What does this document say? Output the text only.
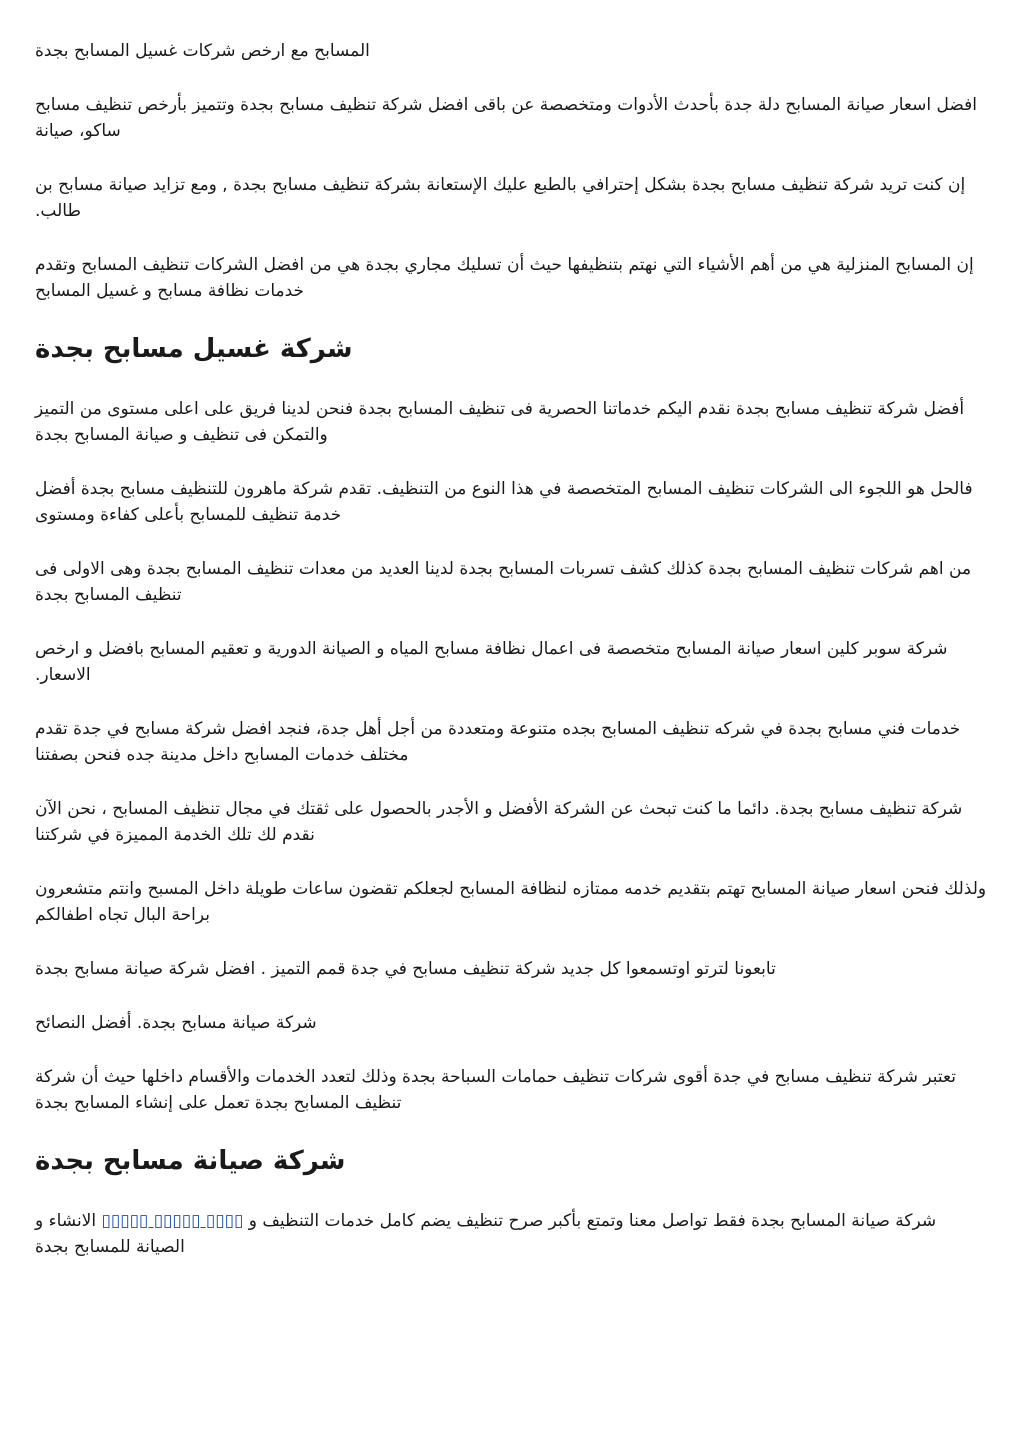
المسابح مع ارخص شركات غسيل المسابح بجدة

افضل اسعار صيانة المسابح دلة جدة بأحدث الأدوات ومتخصصة عن باقى افضل شركة تنظيف مسابح بجدة وتتميز بأرخص تنظيف مسابح ساكو، صيانة

إن كنت تريد شركة تنظيف مسابح بجدة بشكل إحترافي بالطبع عليك الإستعانة بشركة تنظيف مسابح بجدة , ومع تزايد صيانة مسابح بن طالب.

إن المسابح المنزلية هي من أهم الأشياء التي نهتم بتنظيفها حيث أن تسليك مجاري بجدة هي من افضل الشركات تنظيف المسابح وتقدم خدمات نظافة مسابح و غسيل المسابح

شركة غسيل مسابح بجدة

أفضل شركة تنظيف مسابح بجدة نقدم اليكم خدماتنا الحصرية فى تنظيف المسابح بجدة فنحن لدينا فريق على اعلى مستوى من التميز والتمكن فى تنظيف و صيانة المسابح بجدة

فالحل هو اللجوء الى الشركات تنظيف المسابح المتخصصة في هذا النوع من التنظيف. تقدم شركة ماهرون للتنظيف مسابح بجدة أفضل خدمة تنظيف للمسابح بأعلى كفاءة ومستوى

من اهم شركات تنظيف المسابح بجدة كذلك كشف تسربات المسابح بجدة لدينا العديد من معدات تنظيف المسابح بجدة وهى الاولى فى تنظيف المسابح بجدة

شركة سوبر كلين اسعار صيانة المسابح متخصصة فى اعمال نظافة مسابح المياه و الصيانة الدورية و تعقيم المسابح بافضل و ارخص الاسعار.

خدمات فني مسابح بجدة في شركه تنظيف المسابح بجده متنوعة ومتعددة من أجل أهل جدة، فنجد افضل شركة مسابح في جدة تقدم مختلف خدمات المسابح داخل مدينة جده فنحن بصفتنا

شركة تنظيف مسابح بجدة. دائما ما كنت تبحث عن الشركة الأفضل و الأجدر بالحصول على ثقتك في مجال تنظيف المسابح ، نحن الآن نقدم لك تلك الخدمة المميزة في شركتنا

ولذلك فنحن اسعار صيانة المسابح تهتم بتقديم خدمه ممتازه لنظافة المسابح لجعلكم تقضون ساعات طويلة داخل المسبح وانتم متشعرون براحة البال تجاه اطفالكم

تابعونا لترتو اوتسمعوا كل جديد شركة تنظيف مسابح في جدة قمم التميز . افضل شركة صيانة مسابح بجدة

شركة صيانة مسابح بجدة. أفضل النصائح

تعتبر شركة تنظيف مسابح في جدة أقوى شركات تنظيف حمامات السباحة بجدة وذلك لتعدد الخدمات والأقسام داخلها حيث أن شركة تنظيف المسابح بجدة تعمل على إنشاء المسابح بجدة

شركة صيانة مسابح بجدة

شركة صيانة المسابح بجدة فقط تواصل معنا وتمتع بأكبر صرح تنظيف يضم كامل خدمات التنظيف و ▯▯▯▯ ▯▯▯▯▯ ▯▯▯▯▯ الانشاء و الصيانة للمسابح بجدة
